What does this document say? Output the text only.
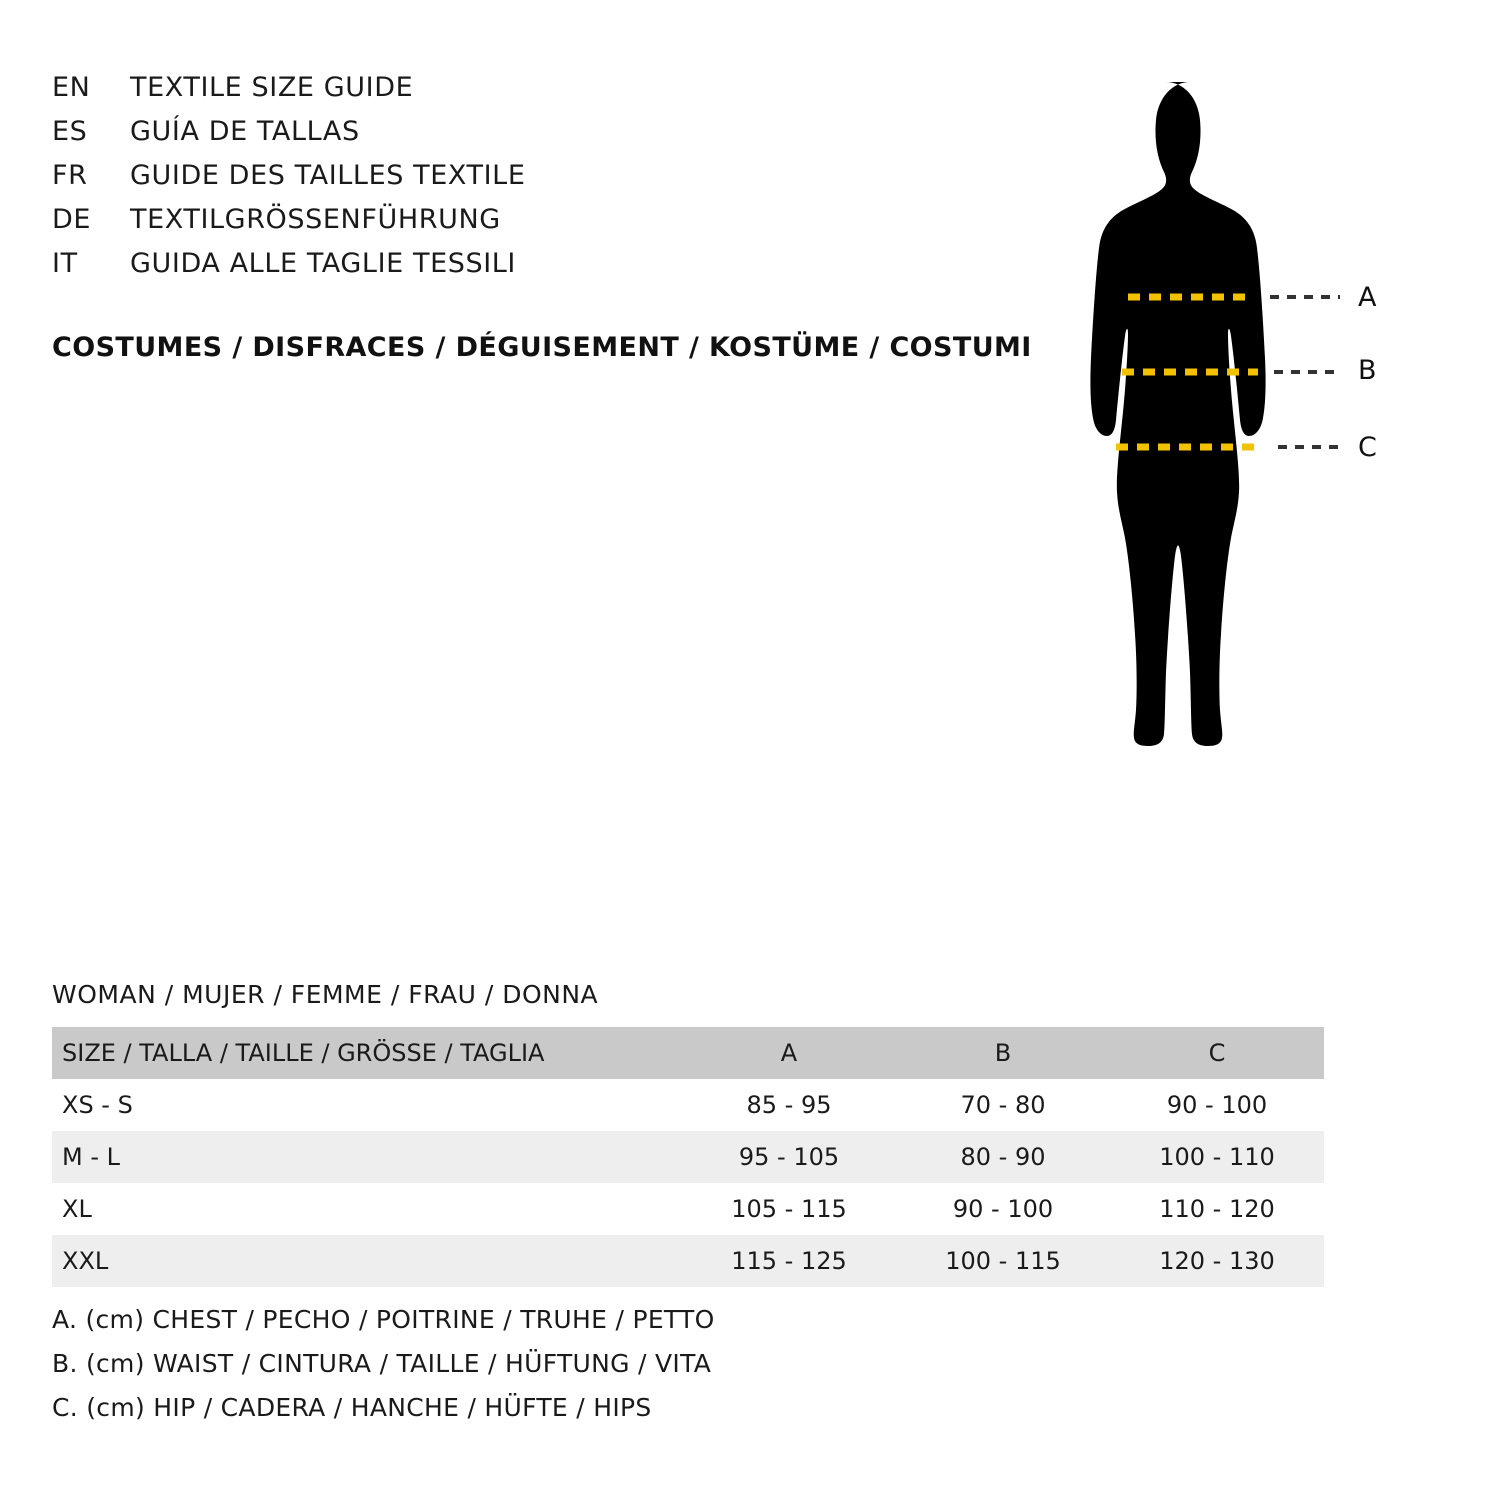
EN	TEXTILE SIZE GUIDE
ES	GUÍA DE TALLAS
FR	GUIDE DES TAILLES TEXTILE
DE	TEXTILGRÖSSENFÜHRUNG
IT	GUIDA ALLE TAGLIE TESSILI
COSTUMES / DISFRACES / DÉGUISEMENT / KOSTÜME / COSTUMI
A
B
C
WOMAN / MUJER / FEMME / FRAU / DONNA
SIZE / TALLA / TAILLE / GRÖSSE / TAGLIA	A	B	C
XS - S	85 - 95	70 - 80	90 - 100
M - L	95 - 105	80 - 90	100 - 110
XL	105 - 115	90 - 100	110 - 120
XXL	115 - 125	100 - 115	120 - 130
A. (cm) CHEST / PECHO / POITRINE / TRUHE / PETTO
B. (cm) WAIST / CINTURA / TAILLE / HÜFTUNG / VITA
C. (cm) HIP / CADERA / HANCHE / HÜFTE / HIPS
